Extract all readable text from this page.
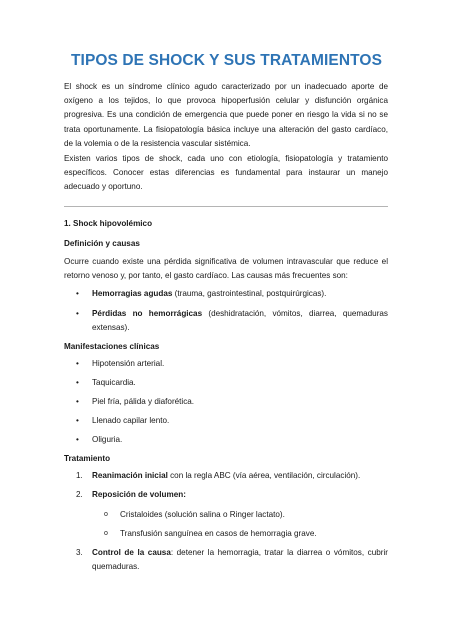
TIPOS DE SHOCK Y SUS TRATAMIENTOS

El shock es un síndrome clínico agudo caracterizado por un inadecuado aporte de oxígeno a los tejidos, lo que provoca hipoperfusión celular y disfunción orgánica progresiva. Es una condición de emergencia que puede poner en riesgo la vida si no se trata oportunamente. La fisiopatología básica incluye una alteración del gasto cardíaco, de la volemia o de la resistencia vascular sistémica.

Existen varios tipos de shock, cada uno con etiología, fisiopatología y tratamiento específicos. Conocer estas diferencias es fundamental para instaurar un manejo adecuado y oportuno.

1. Shock hipovolémico
Definición y causas

Ocurre cuando existe una pérdida significativa de volumen intravascular que reduce el retorno venoso y, por tanto, el gasto cardíaco. Las causas más frecuentes son:

• Hemorragias agudas (trauma, gastrointestinal, postquirúrgicas).
• Pérdidas no hemorrágicas (deshidratación, vómitos, diarrea, quemaduras extensas).
Manifestaciones clínicas
• Hipotensión arterial.
• Taquicardia.
• Piel fría, pálida y diaforética.
• Llenado capilar lento.
• Oliguria.
Tratamiento
1. Reanimación inicial con la regla ABC (vía aérea, ventilación, circulación).
2. Reposición de volumen:
o Cristaloides (solución salina o Ringer lactato).
o Transfusión sanguínea en casos de hemorragia grave.
3. Control de la causa: detener la hemorragia, tratar la diarrea o vómitos, cubrir quemaduras.
